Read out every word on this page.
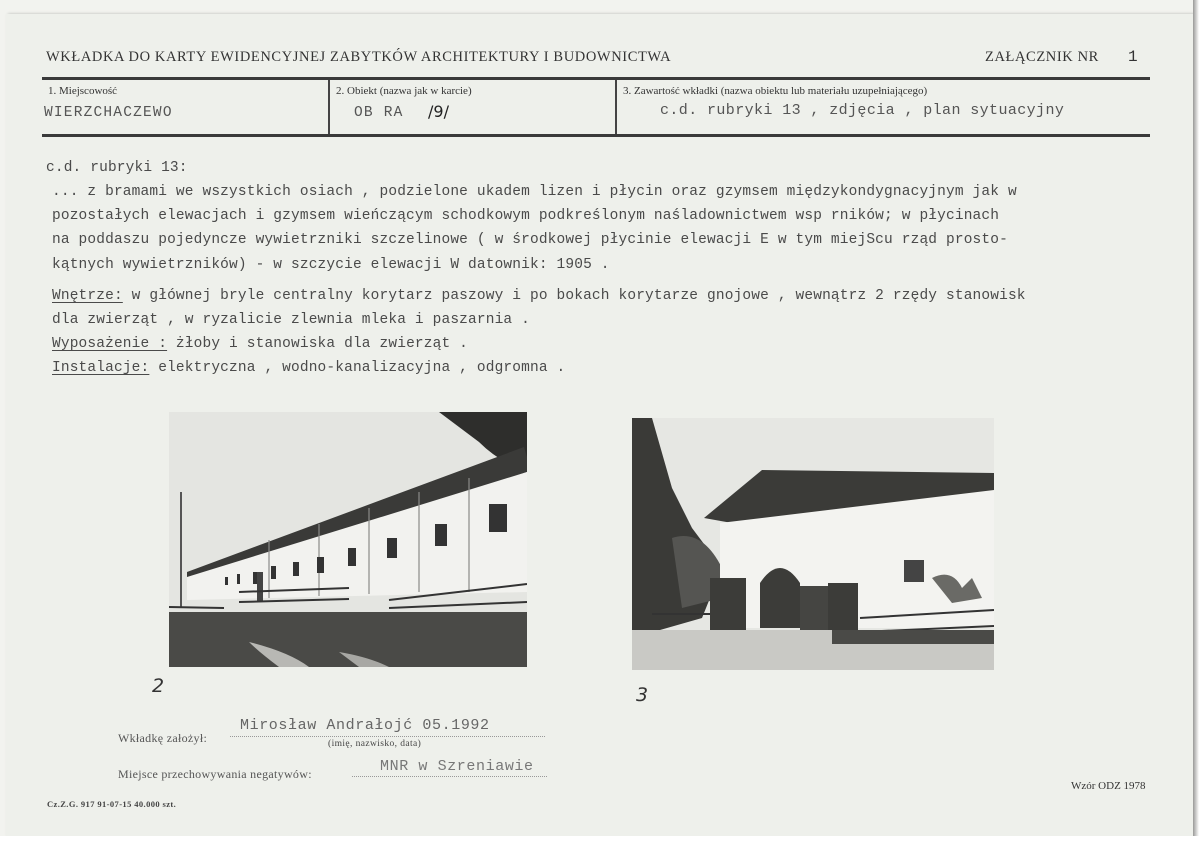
WKŁADKA DO KARTY EWIDENCYJNEJ ZABYTKÓW ARCHITEKTURY I BUDOWNICTWA	ZAŁĄCZNIK NR 1
1. Miejscowość
WIERZCHACZEWO
2. Obiekt (nazwa jak w karcie)
OB RA /9/
3. Zawartość wkładki (nazwa obiektu lub materiału uzupełniającego)
c.d. rubryki 13 , zdjęcia , plan sytuacyjny
c.d. rubryki 13:
... z bramami we wszystkich osiach , podzielone ukadem lizen i płycin oraz gzymsem międzykondygnacyjnym jak w
pozostałych elewacjach i gzymsem wieńczącym schodkowym podkreślonym naśladownictwem wsp rników; w płycinach
na poddaszu pojedyncze wywietrzniki szczelinowe ( w środkowej płycinie elewacji E w tym miejScu rząd prosto-
kątnych wywietrzników) - w szczycie elewacji W datownik: 1905 .
Wnętrze: w głównej bryle centralny korytarz paszowy i po bokach korytarze gnojowe , wewnątrz 2 rzędy stanowisk
dla zwierząt , w ryzalicie zlewnia mleka i paszarnia .
Wyposażenie : żłoby i stanowiska dla zwierząt .
Instalacje: elektryczna , wodno-kanalizacyjna , odgromna .
2	3
Wkładkę założył:
Mirosław Andrałojć 05.1992
(imię, nazwisko, data)
Miejsce przechowywania negatywów:	MNR w Szreniawie
Cz.Z.G. 917 91-07-15 40.000 szt.
Wzór ODZ 1978
